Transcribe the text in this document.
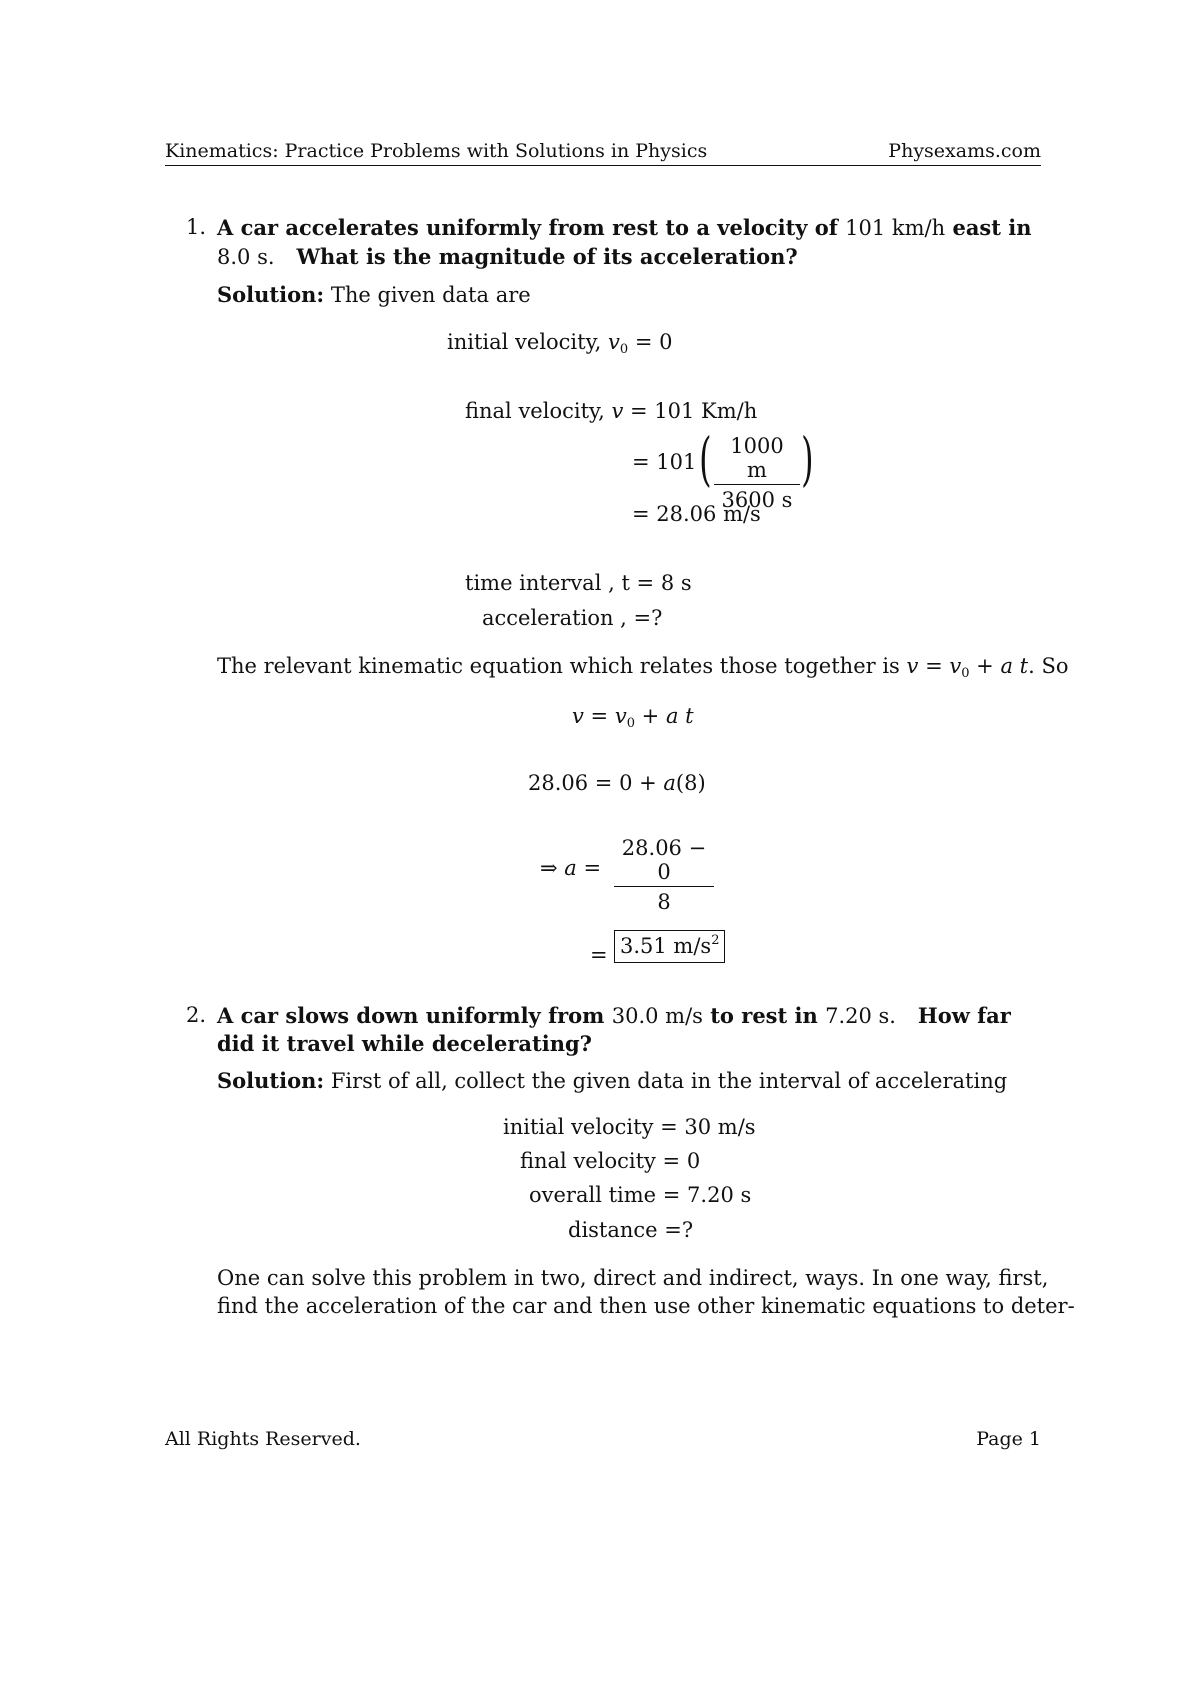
Kinematics: Practice Problems with Solutions in Physics	Physexams.com
1. A car accelerates uniformly from rest to a velocity of 101 km/h east in
8.0 s. What is the magnitude of its acceleration?
Solution: The given data are
initial velocity, $v_0 = 0$
final velocity, v = 101 Km/h
= 101 ( $\frac{1000 m}{3600 s}$ )
= 28.06 m/s
time interval , t = 8 s
acceleration , =?
The relevant kinematic equation which relates those together is $v = v_0 + a$ t. So
$v = v_0 + a$ t
28.06 = 0 + a(8)
⇒ $a = \frac{28.06 - 0}{8}$
= 3.51 $m/s^2$
2. A car slows down uniformly from 30.0 m/s to rest in 7.20 s. How far
did it travel while decelerating?
Solution: First of all, collect the given data in the interval of accelerating
initial velocity = 30 m/s
final velocity = 0
overall time = 7.20 s
distance =?
One can solve this problem in two, direct and indirect, ways. In one way, first,
find the acceleration of the car and then use other kinematic equations to deter-
All Rights Reserved.	Page 1
